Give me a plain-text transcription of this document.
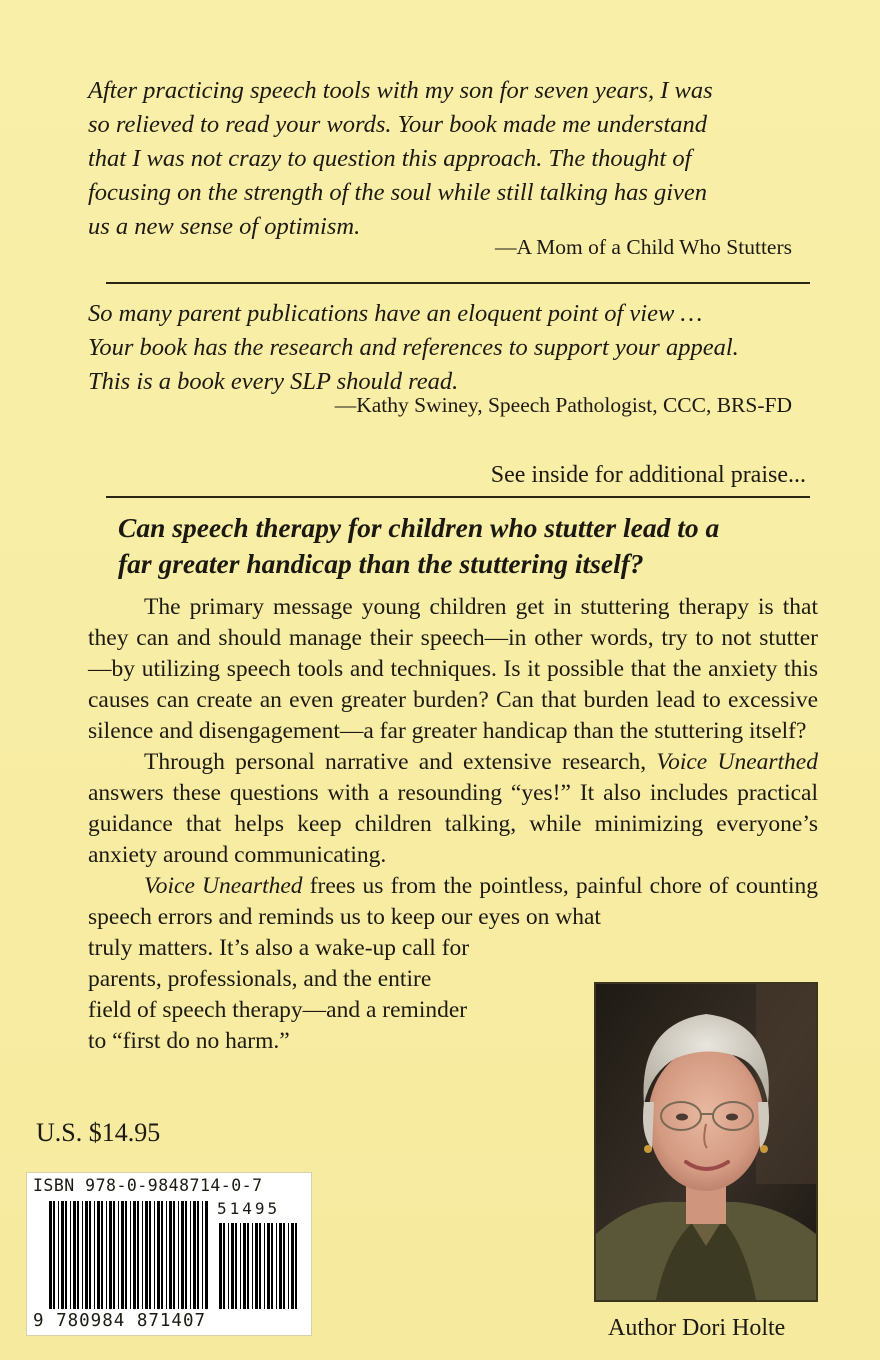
After practicing speech tools with my son for seven years, I was

so relieved to read your words. Your book made me understand

that I was not crazy to question this approach. The thought of

focusing on the strength of the soul while still talking has given

us a new sense of optimism.

—A Mom of a Child Who Stutters

So many parent publications have an eloquent point of view …

Your book has the research and references to support your appeal.

This is a book every SLP should read.

—Kathy Swiney, Speech Pathologist, CCC, BRS-FD
See inside for additional praise...
Can speech therapy for children who stutter lead to a
far greater handicap than the stuttering itself?

The primary message young children get in stuttering therapy is that they can and should manage their speech—in other words, try to not stutter—by utilizing speech tools and techniques. Is it possible that the anxiety this causes can create an even greater burden? Can that burden lead to excessive silence and disengagement—a far greater handicap than the stuttering itself?

Through personal narrative and extensive research, Voice Unearthed answers these questions with a resounding “yes!” It also includes practical guidance that helps keep children talking, while minimizing everyone’s anxiety around communicating.

Voice Unearthed frees us from the pointless, painful chore of counting speech errors and reminds us to keep our eyes on what

truly matters. It’s also a wake-up call for
parents, professionals, and the entire
field of speech therapy—and a reminder
to “first do no harm.”
U.S. $14.95
ISBN 978-0-9848714-0-7
51495
9 780984 871407	Author Dori Holte
